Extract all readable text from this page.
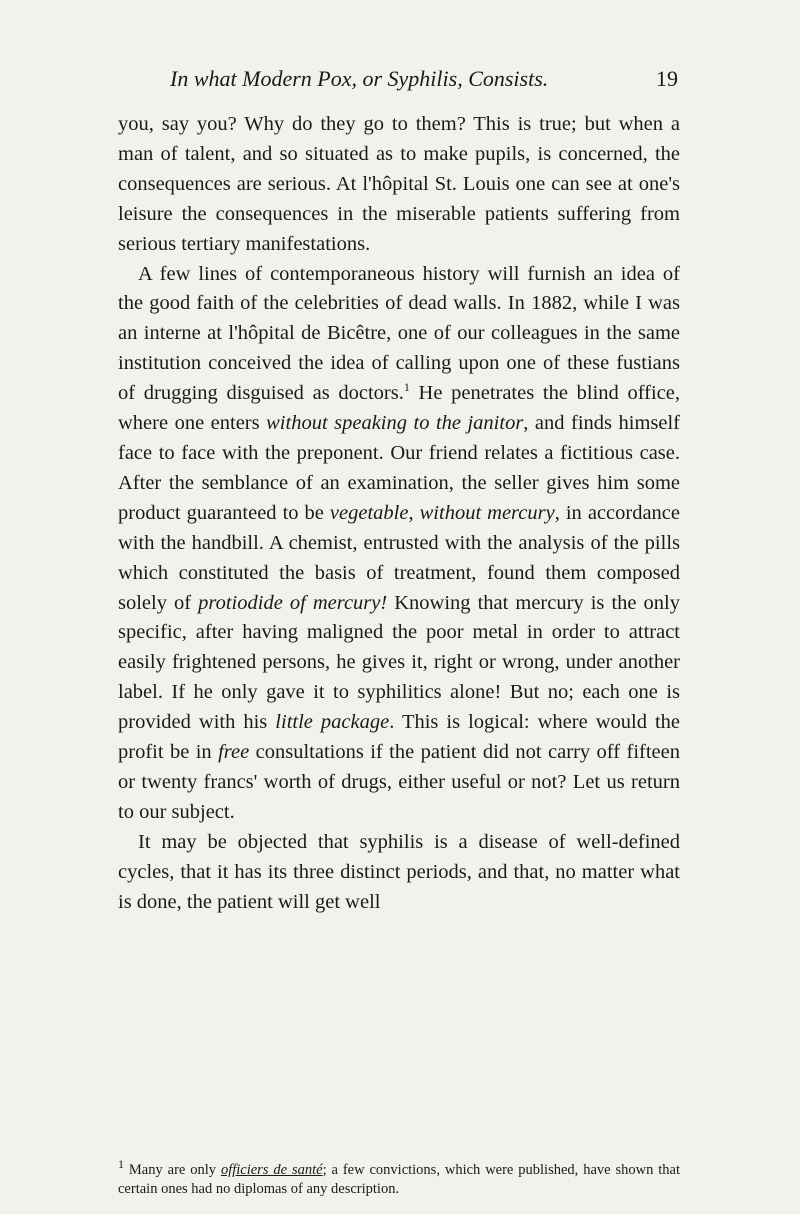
In what Modern Pox, or Syphilis, Consists.	19

you, say you? Why do they go to them? This is true; but when a man of talent, and so situated as to make pupils, is concerned, the consequences are serious. At l'hôpital St. Louis one can see at one's leisure the consequences in the miserable patients suffering from serious tertiary manifestations.

A few lines of contemporaneous history will furnish an idea of the good faith of the celebrities of dead walls. In 1882, while I was an interne at l'hôpital de Bicêtre, one of our colleagues in the same institution conceived the idea of calling upon one of these fustians of drugging disguised as doctors.$^1$ He penetrates the blind office, where one enters without speaking to the janitor, and finds himself face to face with the preponent. Our friend relates a fictitious case. After the semblance of an examination, the seller gives him some product guaranteed to be vegetable, without mercury, in accordance with the handbill. A chemist, entrusted with the analysis of the pills which constituted the basis of treatment, found them composed solely of protiodide of mercury! Knowing that mercury is the only specific, after having maligned the poor metal in order to attract easily frightened persons, he gives it, right or wrong, under another label. If he only gave it to syphilitics alone! But no; each one is provided with his little package. This is logical: where would the profit be in free consultations if the patient did not carry off fifteen or twenty francs' worth of drugs, either useful or not? Let us return to our subject.

It may be objected that syphilis is a disease of well-defined cycles, that it has its three distinct periods, and that, no matter what is done, the patient will get well

$^1$ Many are only officiers de santé; a few convictions, which were published, have shown that certain ones had no diplomas of any description.
